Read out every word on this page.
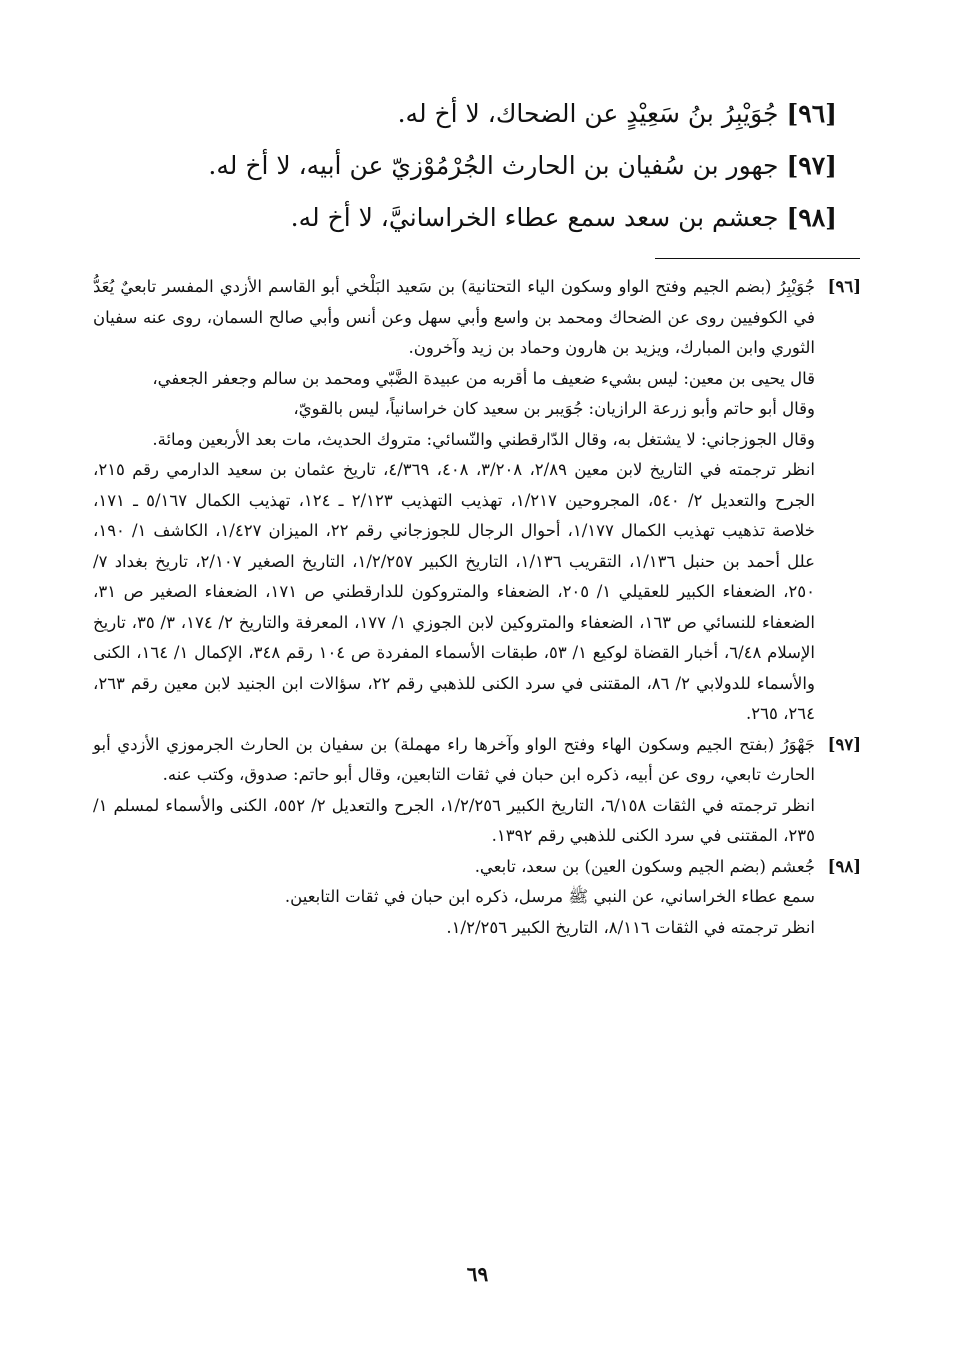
[٩٦] جُوَيْبِرُ بنُ سَعِيْدٍ عن الضحاك، لا أخ له.
[٩٧] جهور بن سُفيان بن الحارث الجُرْمُوْزيّ عن أبيه، لا أخ له.
[٩٨] جعشم بن سعد سمع عطاء الخراسانيَّ، لا أخ له.
[٩٦]

جُوَيْبِرُ (بضم الجيم وفتح الواو وسكون الياء التحتانية) بن سَعيد البَلْخي أبو القاسم الأزدي المفسر تابعيٌ يُعَدُّ في الكوفيين روى عن الضحاك ومحمد بن واسع وأبي سهل وعن أنس وأبي صالح السمان، روى عنه سفيان الثوري وابن المبارك، ويزيد بن هارون وحماد بن زيد وآخرون.

قال يحيى بن معين: ليس بشيء ضعيف ما أقربه من عبيدة الضَّبّي ومحمد بن سالم وجعفر الجعفي،

وقال أبو حاتم وأبو زرعة الرازيان: جُوَيبر بن سعيد كان خراسانياً، ليس بالقويّ،

وقال الجوزجاني: لا يشتغل به، وقال الدّارقطني والنّسائي: متروك الحديث، مات بعد الأربعين ومائة.

انظر ترجمته في التاريخ لابن معين ٢/٨٩، ٣/٢٠٨، ٤٠٨، ٤/٣٦٩، تاريخ عثمان بن سعيد الدارمي رقم ٢١٥، الجرح والتعديل ٢/ ٥٤٠، المجروحين ١/٢١٧، تهذيب التهذيب ٢/١٢٣ ـ ١٢٤، تهذيب الكمال ٥/١٦٧ ـ ١٧١، خلاصة تذهيب تهذيب الكمال ١/١٧٧، أحوال الرجال للجوزجاني رقم ٢٢، الميزان ١/٤٢٧، الكاشف ١/ ١٩٠، علل أحمد بن حنبل ١/١٣٦، التقريب ١/١٣٦، التاريخ الكبير ١/٢/٢٥٧، التاريخ الصغير ٢/١٠٧، تاريخ بغداد ٧/ ٢٥٠، الضعفاء الكبير للعقيلي ١/ ٢٠٥، الضعفاء والمتروكون للدارقطني ص ١٧١، الضعفاء الصغير ص ٣١، الضعفاء للنسائي ص ١٦٣، الضعفاء والمتروكين لابن الجوزي ١/ ١٧٧، المعرفة والتاريخ ٢/ ١٧٤، ٣/ ٣٥، تاريخ الإسلام ٦/٤٨، أخبار القضاة لوكيع ١/ ٥٣، طبقات الأسماء المفردة ص ١٠٤ رقم ٣٤٨، الإكمال ١/ ١٦٤، الكنى والأسماء للدولابي ٢/ ٨٦، المقتنى في سرد الكنى للذهبي رقم ٢٢، سؤالات ابن الجنيد لابن معين رقم ٢٦٣، ٢٦٤، ٢٦٥.

[٩٧]

جَهْوَرُ (بفتح الجيم وسكون الهاء وفتح الواو وآخرها راء مهملة) بن سفيان بن الحارث الجرموزي الأزدي أبو الحارث تابعي، روى عن أبيه، ذكره ابن حبان في ثقات التابعين، وقال أبو حاتم: صدوق، وكتب عنه.

انظر ترجمته في الثقات ٦/١٥٨، التاريخ الكبير ١/٢/٢٥٦، الجرح والتعديل ٢/ ٥٥٢، الكنى والأسماء لمسلم ١/ ٢٣٥، المقتنى في سرد الكنى للذهبي رقم ١٣٩٢.

[٩٨]

جُعشم (بضم الجيم وسكون العين) بن سعد، تابعي.

سمع عطاء الخراساني، عن النبي ﷺ مرسل، ذكره ابن حبان في ثقات التابعين.

انظر ترجمته في الثقات ٨/١١٦، التاريخ الكبير ١/٢/٢٥٦.

٦٩
